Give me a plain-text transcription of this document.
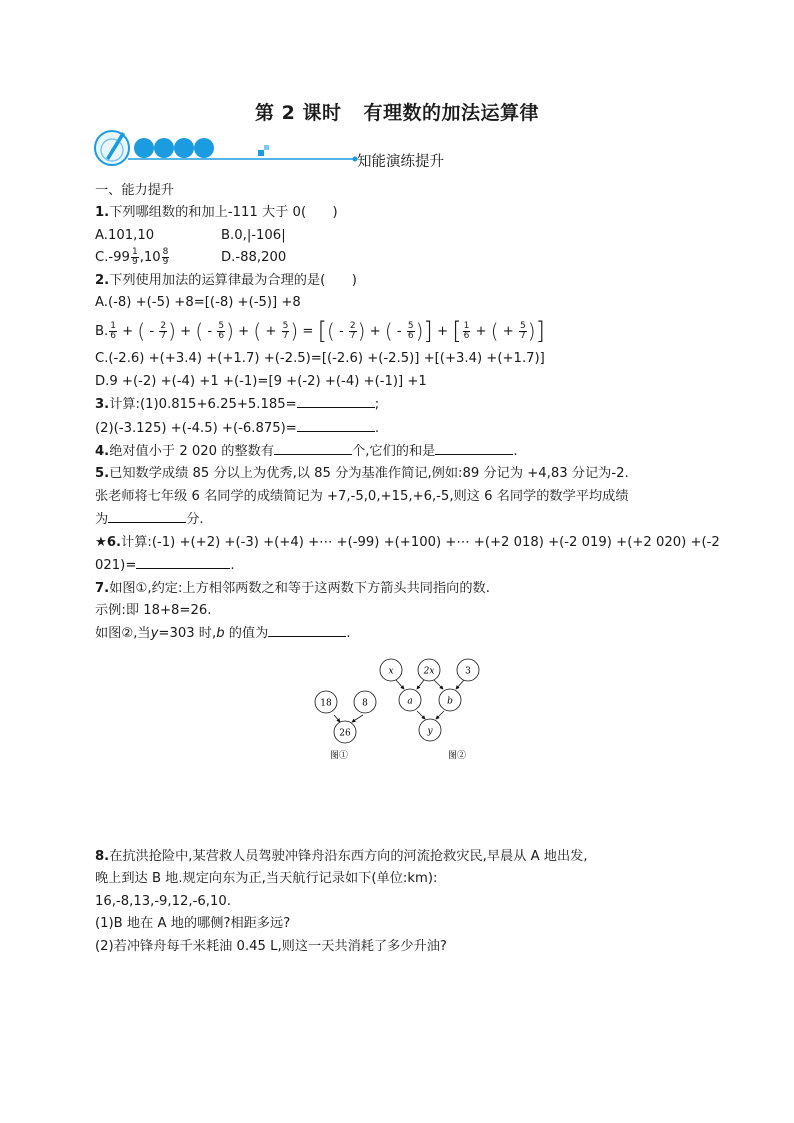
第 2 课时 有理数的加法运算律
知能演练提升
一、能力提升
1.下列哪组数的和加上-111 大于 0(　　)
A.101,10	B.0,|-106|
$C.-99 \frac{1}{9} ,10 \frac{8}{9}$	D.-88,200
2.下列使用加法的运算律最为合理的是(　　)
A.(-8) +(-5) +8=[(-8) +(-5)] +8
B. $\frac{1}{6}$ + ( - $\frac{2}{7}$ ) + ( - $\frac{5}{6}$ ) + ( + $\frac{5}{7}$ ) = [( - $\frac{2}{7}$ ) + ( - $\frac{5}{6}$ )] + [ $\frac{1}{6}$ + ( + $\frac{5}{7}$ )]
C.(-2.6) +(+3.4) +(+1.7) +(-2.5)=[(-2.6) +(-2.5)] +[(+3.4) +(+1.7)]
D.9 +(-2) +(-4) +1 +(-1)=[9 +(-2) +(-4) +(-1)] +1
3.计算:(1)0.815+6.25+5.185=	;
(2)(-3.125) +(-4.5) +(-6.875)=	.
4.绝对值小于 2 020 的整数有	个,它们的和是	.
5.已知数学成绩 85 分以上为优秀,以 85 分为基准作简记,例如:89 分记为 +4,83 分记为-2.
张老师将七年级 6 名同学的成绩简记为 +7,-5,0,+15,+6,-5,则这 6 名同学的数学平均成绩
为	分.
★6.计算:(-1) +(+2) +(-3) +(+4) +⋯ +(-99) +(+100) +⋯ +(+2 018) +(-2 019) +(+2 020) +(-2
021)=	.
7.如图①,约定:上方相邻两数之和等于这两数下方箭头共同指向的数.
示例:即 18+8=26.
如图②,当y=303 时,b 的值为	.
18	8
26
图①
x	2x	3
a	b
y
图②
8.在抗洪抢险中,某营救人员驾驶冲锋舟沿东西方向的河流抢救灾民,早晨从 A 地出发,
晚上到达 B 地.规定向东为正,当天航行记录如下(单位:km):
16,-8,13,-9,12,-6,10.
(1)B 地在 A 地的哪侧?相距多远?
(2)若冲锋舟每千米耗油 0.45 L,则这一天共消耗了多少升油?
